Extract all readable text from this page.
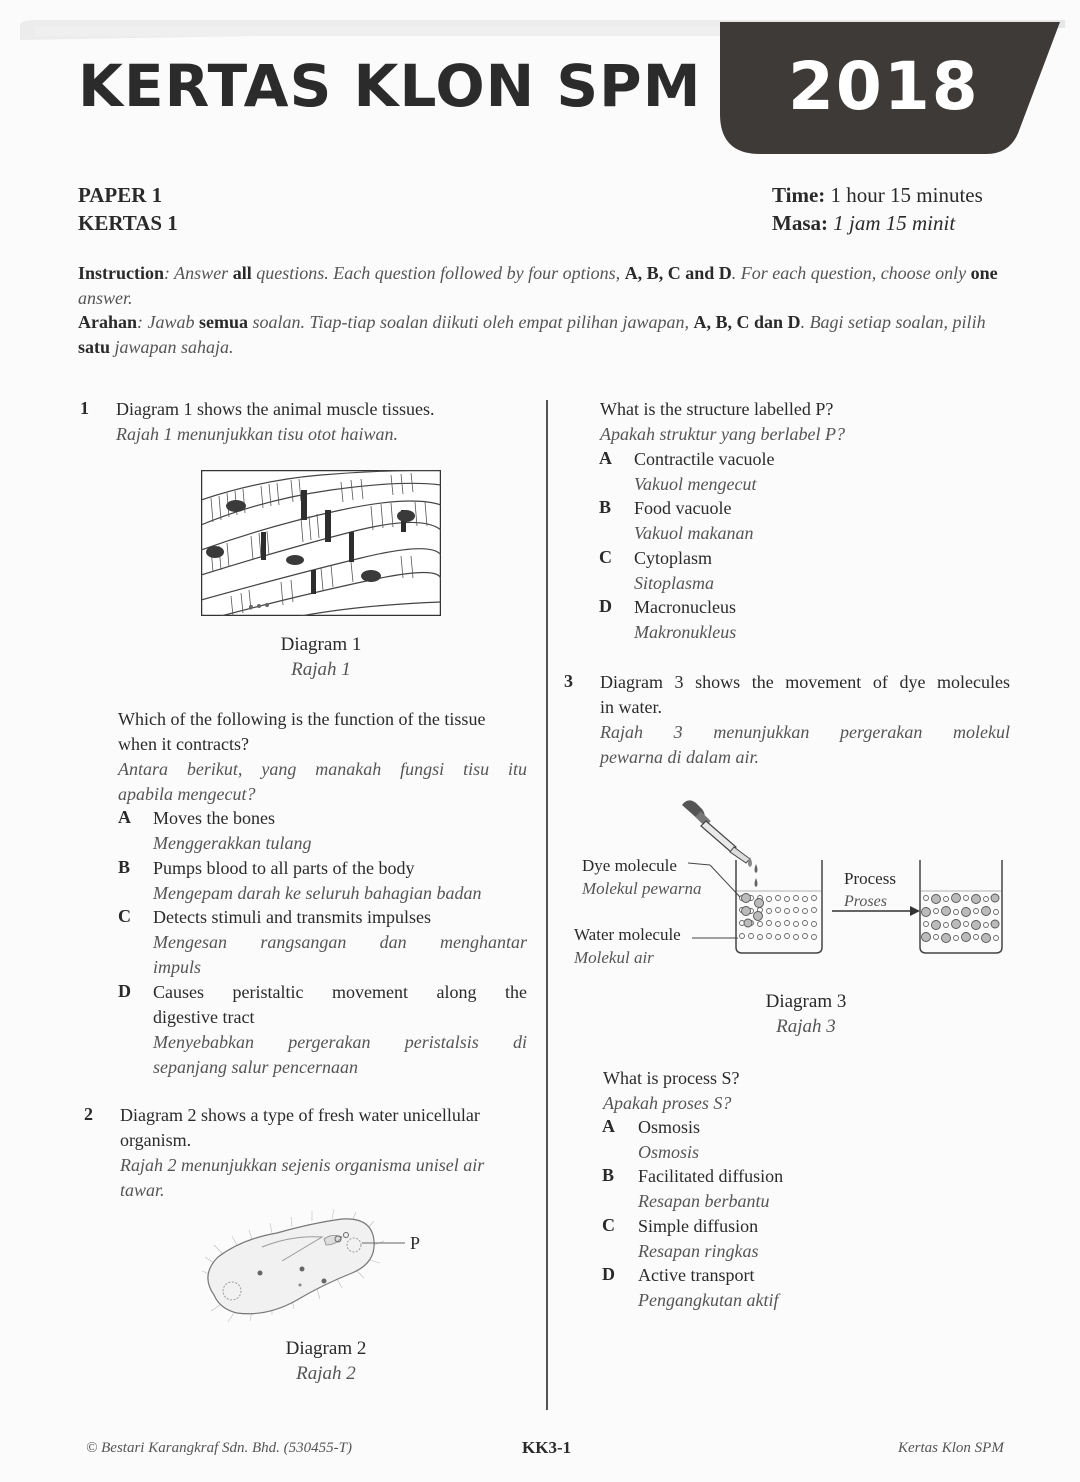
KERTAS KLON SPM 2018
PAPER 1
KERTAS 1
Time: 1 hour 15 minutes
Masa: 1 jam 15 minit
Instruction: Answer all questions. Each question followed by four options, A, B, C and D. For each question, choose only one answer.
Arahan: Jawab semua soalan. Tiap-tiap soalan diikuti oleh empat pilihan jawapan, A, B, C dan D. Bagi setiap soalan, pilih satu jawapan sahaja.
1 Diagram 1 shows the animal muscle tissues.
Rajah 1 menunjukkan tisu otot haiwan.
Diagram 1
Rajah 1
Which of the following is the function of the tissue
when it contracts?
Antara berikut, yang manakah fungsi tisu itu
apabila mengecut?
A Moves the bones
Menggerakkan tulang
B Pumps blood to all parts of the body
Mengepam darah ke seluruh bahagian badan
C Detects stimuli and transmits impulses
Mengesan rangsangan dan menghantar
impuls
D Causes peristaltic movement along the
digestive tract
Menyebabkan pergerakan peristalsis di
sepanjang salur pencernaan
2 Diagram 2 shows a type of fresh water unicellular
organism.
Rajah 2 menunjukkan sejenis organisma unisel air
tawar.
P
Diagram 2
Rajah 2
What is the structure labelled P?
Apakah struktur yang berlabel P?
A Contractile vacuole
Vakuol mengecut
B Food vacuole
Vakuol makanan
C Cytoplasm
Sitoplasma
D Macronucleus
Makronukleus
3 Diagram 3 shows the movement of dye molecules
in water.
Rajah 3 menunjukkan pergerakan molekul
pewarna di dalam air.
Dye molecule
Molekul pewarna
Water molecule
Molekul air
Process
Proses
Diagram 3
Rajah 3
What is process S?
Apakah proses S?
A Osmosis
Osmosis
B Facilitated diffusion
Resapan berbantu
C Simple diffusion
Resapan ringkas
D Active transport
Pengangkutan aktif
© Bestari Karangkraf Sdn. Bhd. (530455-T)	KK3-1	Kertas Klon SPM
